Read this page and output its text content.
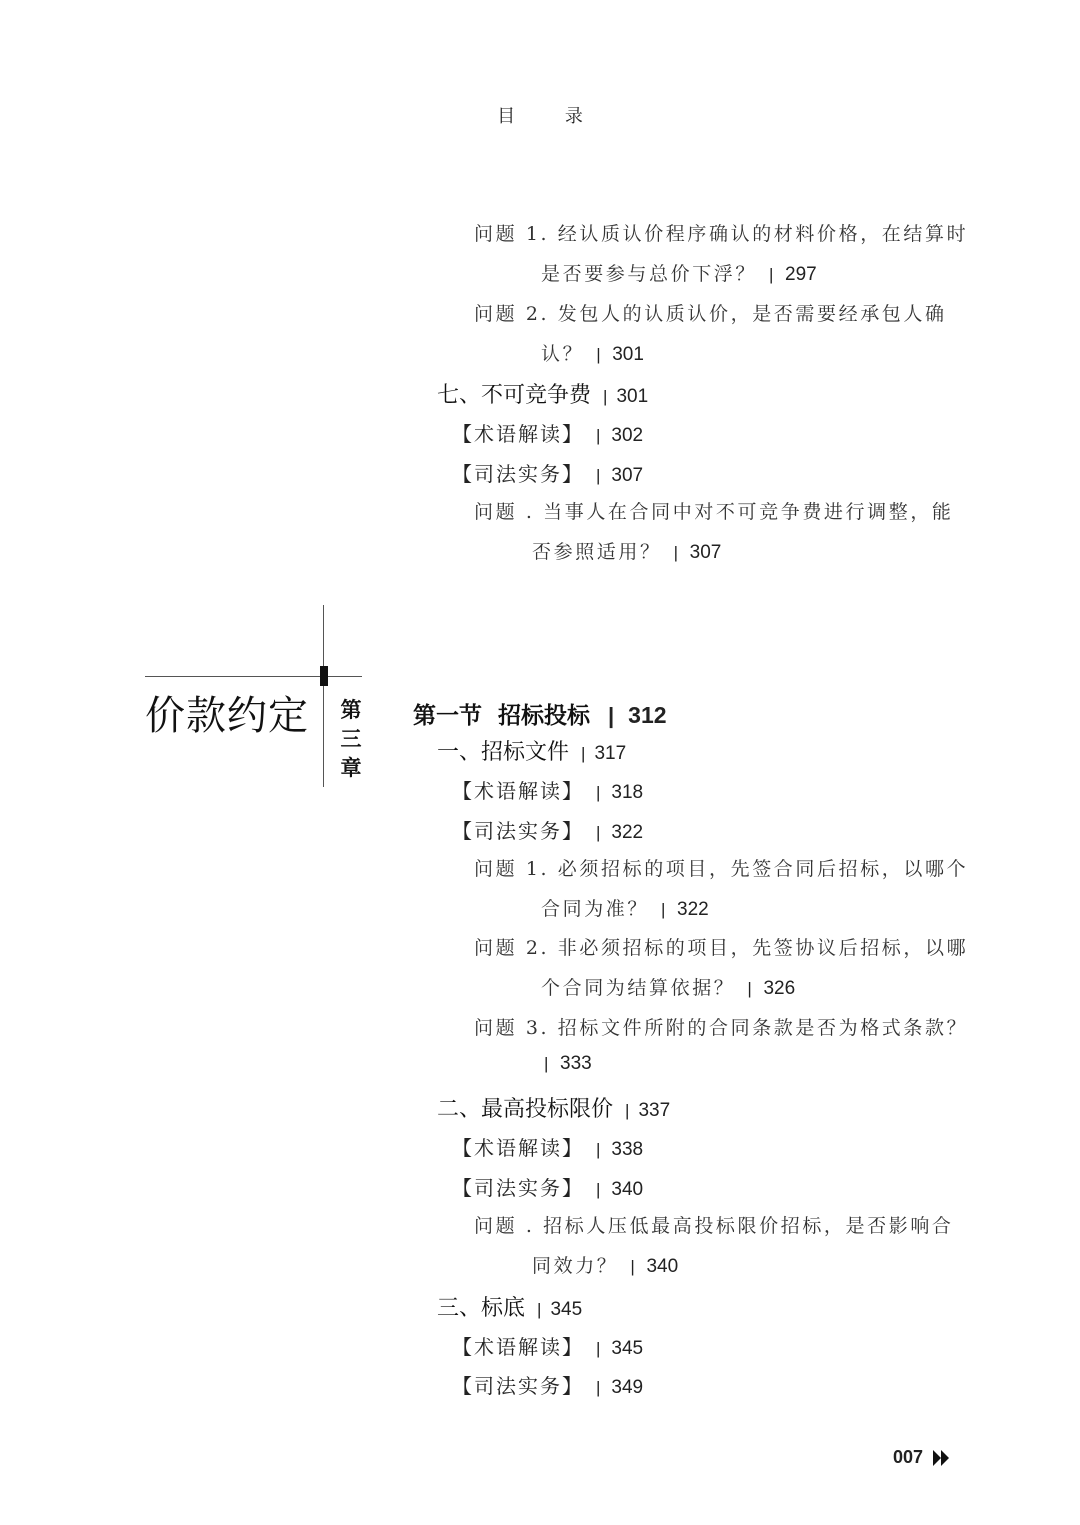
目 录
问题 1. 经认质认价程序确认的材料价格，在结算时
是否要参与总价下浮？ | 297
问题 2. 发包人的认质认价，是否需要经承包人确
认？ | 301
七、不可竞争费 | 301
【术语解读】 | 302
【司法实务】 | 307
问题 . 当事人在合同中对不可竞争费进行调整，能
否参照适用？ | 307
价款约定 第三章
第一节  招标投标 | 312
一、招标文件 | 317
【术语解读】 | 318
【司法实务】 | 322
问题 1. 必须招标的项目，先签合同后招标，以哪个
合同为准？ | 322
问题 2. 非必须招标的项目，先签协议后招标，以哪
个合同为结算依据？ | 326
问题 3. 招标文件所附的合同条款是否为格式条款？
| 333
二、最高投标限价 | 337
【术语解读】 | 338
【司法实务】 | 340
问题 . 招标人压低最高投标限价招标，是否影响合
同效力？ | 340
三、标底 | 345
【术语解读】 | 345
【司法实务】 | 349
007
